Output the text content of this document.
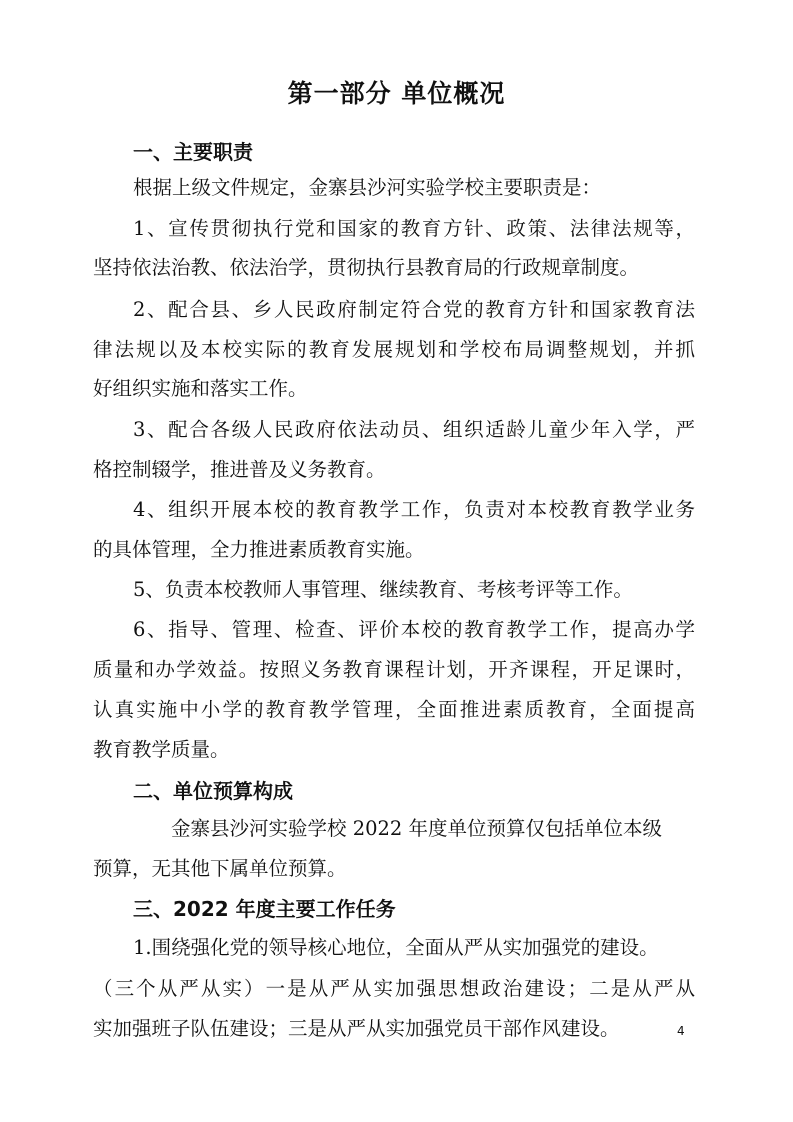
第一部分 单位概况
一、主要职责
根据上级文件规定，金寨县沙河实验学校主要职责是：
1、宣传贯彻执行党和国家的教育方针、政策、法律法规等，
坚持依法治教、依法治学，贯彻执行县教育局的行政规章制度。
2、配合县、乡人民政府制定符合党的教育方针和国家教育法
律法规以及本校实际的教育发展规划和学校布局调整规划，并抓
好组织实施和落实工作。
3、配合各级人民政府依法动员、组织适龄儿童少年入学，严
格控制辍学，推进普及义务教育。
4、组织开展本校的教育教学工作，负责对本校教育教学业务
的具体管理，全力推进素质教育实施。
5、负责本校教师人事管理、继续教育、考核考评等工作。
6、指导、管理、检查、评价本校的教育教学工作，提高办学
质量和办学效益。按照义务教育课程计划，开齐课程，开足课时，
认真实施中小学的教育教学管理，全面推进素质教育，全面提高
教育教学质量。
二、单位预算构成
金寨县沙河实验学校 2022 年度单位预算仅包括单位本级
预算，无其他下属单位预算。
三、2022 年度主要工作任务
1.围绕强化党的领导核心地位，全面从严从实加强党的建设。
（三个从严从实）一是从严从实加强思想政治建设；二是从严从
实加强班子队伍建设；三是从严从实加强党员干部作风建设。	4
